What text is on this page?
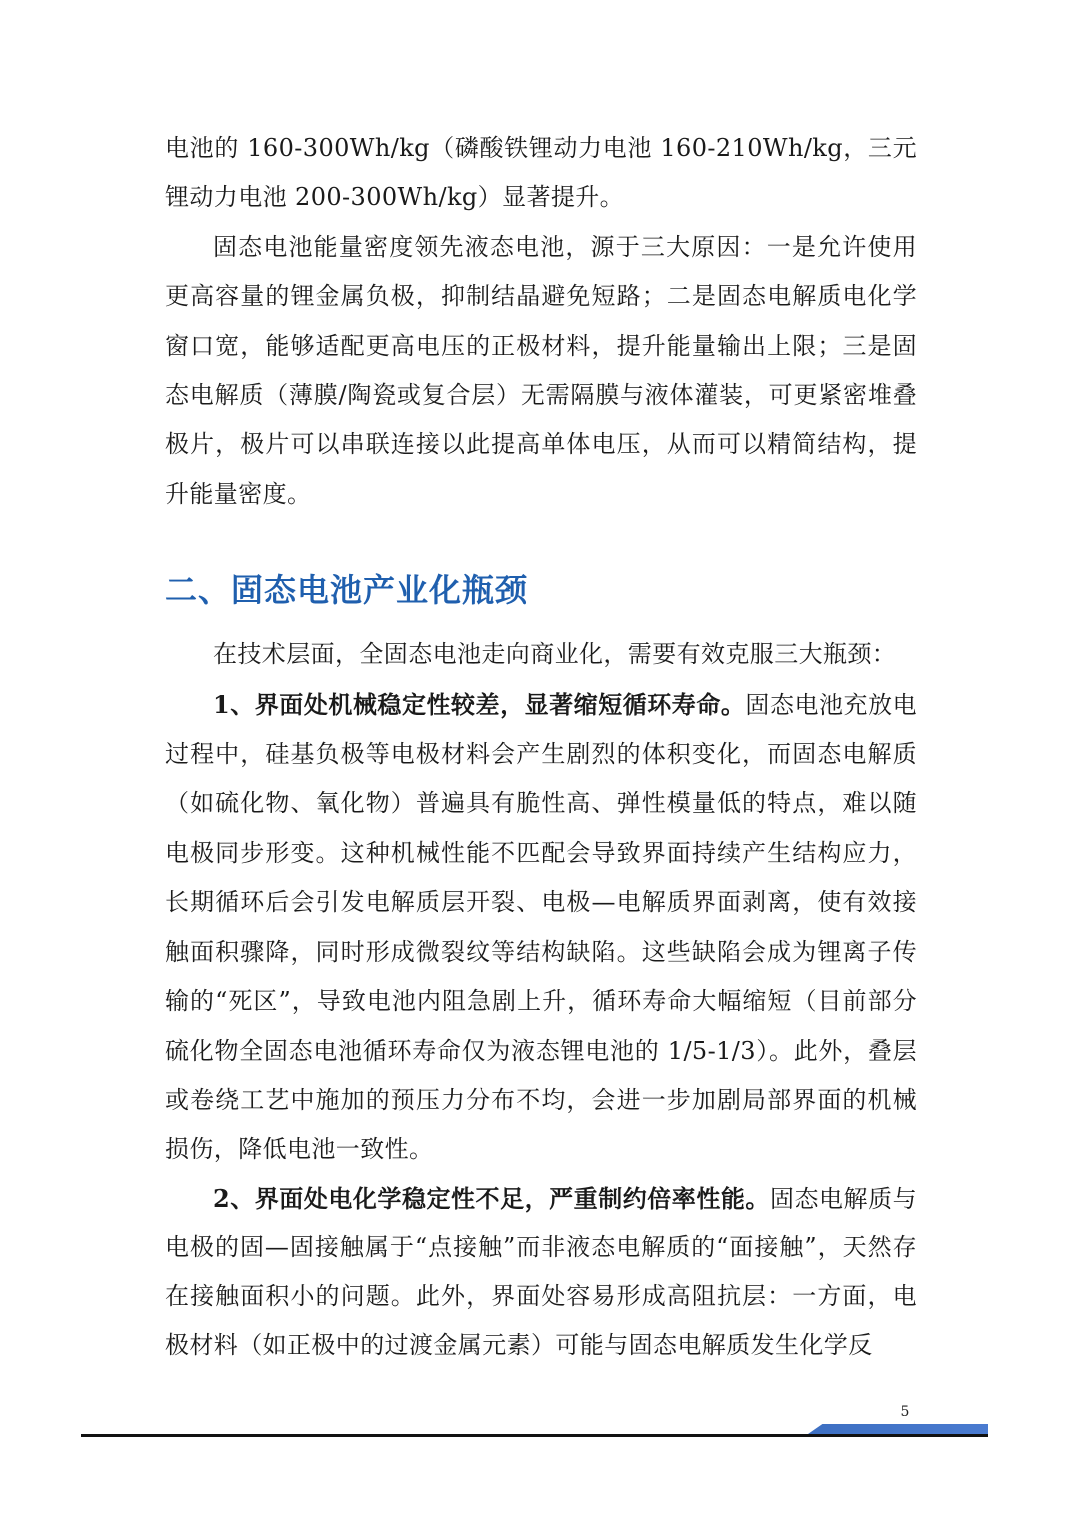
电池的 160-300Wh/kg（磷酸铁锂动力电池 160-210Wh/kg，三元锂动力电池 200-300Wh/kg）显著提升。

固态电池能量密度领先液态电池，源于三大原因：一是允许使用更高容量的锂金属负极，抑制结晶避免短路；二是固态电解质电化学窗口宽，能够适配更高电压的正极材料，提升能量输出上限；三是固态电解质（薄膜/陶瓷或复合层）无需隔膜与液体灌装，可更紧密堆叠极片，极片可以串联连接以此提高单体电压，从而可以精简结构，提升能量密度。

二、固态电池产业化瓶颈

在技术层面，全固态电池走向商业化，需要有效克服三大瓶颈：

1、界面处机械稳定性较差，显著缩短循环寿命。固态电池充放电过程中，硅基负极等电极材料会产生剧烈的体积变化，而固态电解质（如硫化物、氧化物）普遍具有脆性高、弹性模量低的特点，难以随电极同步形变。这种机械性能不匹配会导致界面持续产生结构应力，长期循环后会引发电解质层开裂、电极—电解质界面剥离，使有效接触面积骤降，同时形成微裂纹等结构缺陷。这些缺陷会成为锂离子传输的“死区”，导致电池内阻急剧上升，循环寿命大幅缩短（目前部分硫化物全固态电池循环寿命仅为液态锂电池的 1/5-1/3）。此外，叠层或卷绕工艺中施加的预压力分布不均，会进一步加剧局部界面的机械损伤，降低电池一致性。

2、界面处电化学稳定性不足，严重制约倍率性能。固态电解质与电极的固—固接触属于“点接触”而非液态电解质的“面接触”，天然存在接触面积小的问题。此外，界面处容易形成高阻抗层：一方面，电极材料（如正极中的过渡金属元素）可能与固态电解质发生化学反

5
